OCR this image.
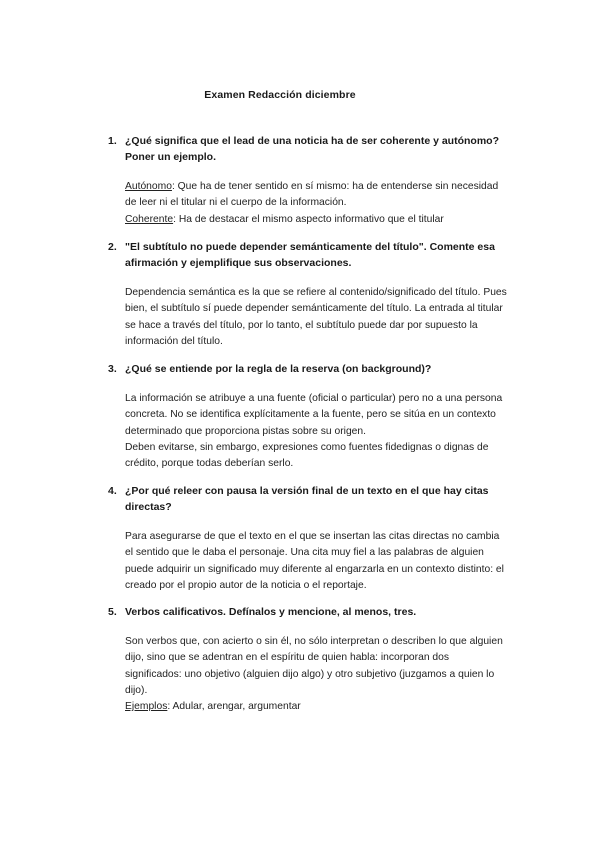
Examen Redacción diciembre
1. ¿Qué significa que el lead de una noticia ha de ser coherente y autónomo? Poner un ejemplo.

Autónomo: Que ha de tener sentido en sí mismo: ha de entenderse sin necesidad de leer ni el titular ni el cuerpo de la información.

Coherente: Ha de destacar el mismo aspecto informativo que el titular

2. "El subtítulo no puede depender semánticamente del título". Comente esa afirmación y ejemplifique sus observaciones.

Dependencia semántica es la que se refiere al contenido/significado del título. Pues bien, el subtítulo sí puede depender semánticamente del título. La entrada al titular se hace a través del título, por lo tanto, el subtítulo puede dar por supuesto la información del título.

3. ¿Qué se entiende por la regla de la reserva (on background)?

La información se atribuye a una fuente (oficial o particular) pero no a una persona concreta. No se identifica explícitamente a la fuente, pero se sitúa en un contexto determinado que proporciona pistas sobre su origen.

Deben evitarse, sin embargo, expresiones como fuentes fidedignas o dignas de crédito, porque todas deberían serlo.

4. ¿Por qué releer con pausa la versión final de un texto en el que hay citas directas?

Para asegurarse de que el texto en el que se insertan las citas directas no cambia el sentido que le daba el personaje. Una cita muy fiel a las palabras de alguien puede adquirir un significado muy diferente al engarzarla en un contexto distinto: el creado por el propio autor de la noticia o el reportaje.

5. Verbos calificativos. Defínalos y mencione, al menos, tres.

Son verbos que, con acierto o sin él, no sólo interpretan o describen lo que alguien dijo, sino que se adentran en el espíritu de quien habla: incorporan dos significados: uno objetivo (alguien dijo algo) y otro subjetivo (juzgamos a quien lo dijo).

Ejemplos: Adular, arengar, argumentar
